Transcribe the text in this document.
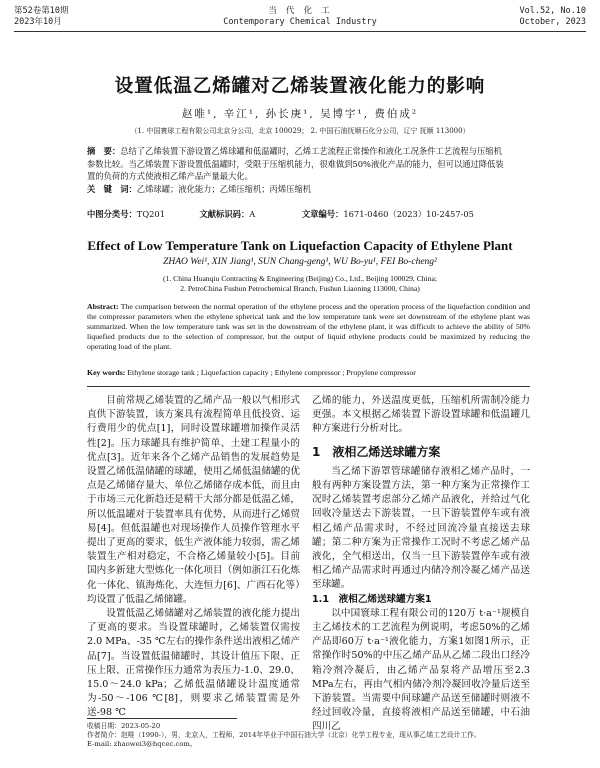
第52卷第10期
2023年10月
当 代 化 工
Contemporary Chemical Industry
Vol.52, No.10
October, 2023
设置低温乙烯罐对乙烯装置液化能力的影响
赵唯¹, 辛江¹, 孙长庚¹, 吴博宇¹, 费伯成²
（1. 中国寰球工程有限公司北京分公司，北京 100029； 2. 中国石油抚顺石化分公司，辽宁 抚顺 113000）

摘　要：总结了乙烯装置下游设置乙烯球罐和低温罐时，乙烯工艺流程正常操作和液化工况条件工艺流程与压缩机参数比较。当乙烯装置下游设置低温罐时，受限于压缩机能力，很难做到50%液化产品的能力，但可以通过降低装置的负荷的方式使液相乙烯产品产量最大化。

关　键　词：乙烯球罐；液化能力；乙烯压缩机；丙烯压缩机

中图分类号：TQ201	文献标识码：A	文章编号：1671-0460（2023）10-2457-05
Effect of Low Temperature Tank on Liquefaction Capacity of Ethylene Plant
ZHAO Wei¹, XIN Jiang¹, SUN Chang-geng¹, WU Bo-yu¹, FEI Bo-cheng²
(1. China Huanqiu Contracting & Engineering (Beijing) Co., Ltd., Beijing 100029, China;
2. PetroChina Fushun Petrochemical Branch, Fushun Liaoning 113000, China)

Abstract: The comparison between the normal operation of the ethylene process and the operation process of the liquefaction condition and the compressor parameters when the ethylene spherical tank and the low temperature tank were set downstream of the ethylene plant was summarized. When the low temperature tank was set in the downstream of the ethylene plant, it was difficult to achieve the ability of 50% liquefied products due to the selection of compressor, but the output of liquid ethylene products could be maximized by reducing the operating load of the plant.

Key words: Ethylene storage tank ; Liquefaction capacity ; Ethylene compressor ; Propylene compressor

目前常规乙烯装置的乙烯产品一般以气相形式直供下游装置，该方案具有流程简单且低投资、运行费用少的优点[1]，同时设置球罐增加操作灵活性[2]。压力球罐具有维护简单、土建工程量小的优点[3]。近年来各个乙烯产品销售的发展趋势是设置乙烯低温储罐的球罐，使用乙烯低温储罐的优点是乙烯储存量大、单位乙烯储存成本低，而且由于市场三元化新趋还是精干大部分都是低温乙烯，所以低温罐对于装置率具有优势，从而进行乙烯贸易[4]。但低温罐也对现场操作人员操作管理水平提出了更高的要求，低生产液体能力较弱，需乙烯装置生产相对稳定，不合格乙烯量较小[5]。目前国内多新建大型炼化一体化项目（例如浙江石化炼化一体化、镇海炼化、大连恒力[6]、广西石化等）均设置了低温乙烯储罐。

设置低温乙烯储罐对乙烯装置的液化能力提出了更高的要求。当设置球罐时，乙烯装置仅需按2.0 MPa、-35 ℃左右的操作条件送出液相乙烯产品[7]。当设置低温储罐时，其设计值压下限、正压上限、正常操作压力通常为表压力-1.0、29.0、15.0～24.0 kPa；乙烯低温储罐设计温度通常为-50～-106 ℃[8]，则要求乙烯装置需是外送-98 ℃

乙烯的能力，外送温度更低，压缩机所需制冷能力更强。本文根据乙烯装置下游设置球罐和低温罐几种方案进行分析对比。

1　液相乙烯送球罐方案

当乙烯下游罩管球罐储存液相乙烯产品时，一般有两种方案设置方法，第一种方案为正常操作工况时乙烯装置考虑部分乙烯产品液化，并给过气化回收冷量送去下游装置，一旦下游装置停车或有液相乙烯产品需求时，不经过回流冷量直接送去球罐；第二种方案为正常操作工况时不考虑乙烯产品液化，全气相送出，仅当一旦下游装置停车或有液相乙烯产品需求时再通过内储冷剂冷凝乙烯产品送至球罐。

1.1　液相乙烯送球罐方案1

以中国寰球工程有限公司的120万 t·a⁻¹规模自主乙烯技术的工艺流程为例说明，考虑50%的乙烯产品即60万 t·a⁻¹液化能力，方案1如图1所示，正常操作时50%的中压乙烯产品从乙烯二段出口经冷箱冷剂冷凝后，由乙烯产品泵将产品增压至2.3 MPa左右，再由气相内储冷剂冷凝回收冷量后送至下游装置。当需要中间球罐产品送至储罐时则液不经过回收冷量，直接将液相产品送至储罐，中石油四川乙

收稿日期：2023-05-20

作者简介：赵唯（1990-），男，北京人，工程师，2014年毕业于中国石油大学（北京）化学工程专业，现从事乙烯工艺设计工作。

E-mail: zhaowei3@hqcec.com。
